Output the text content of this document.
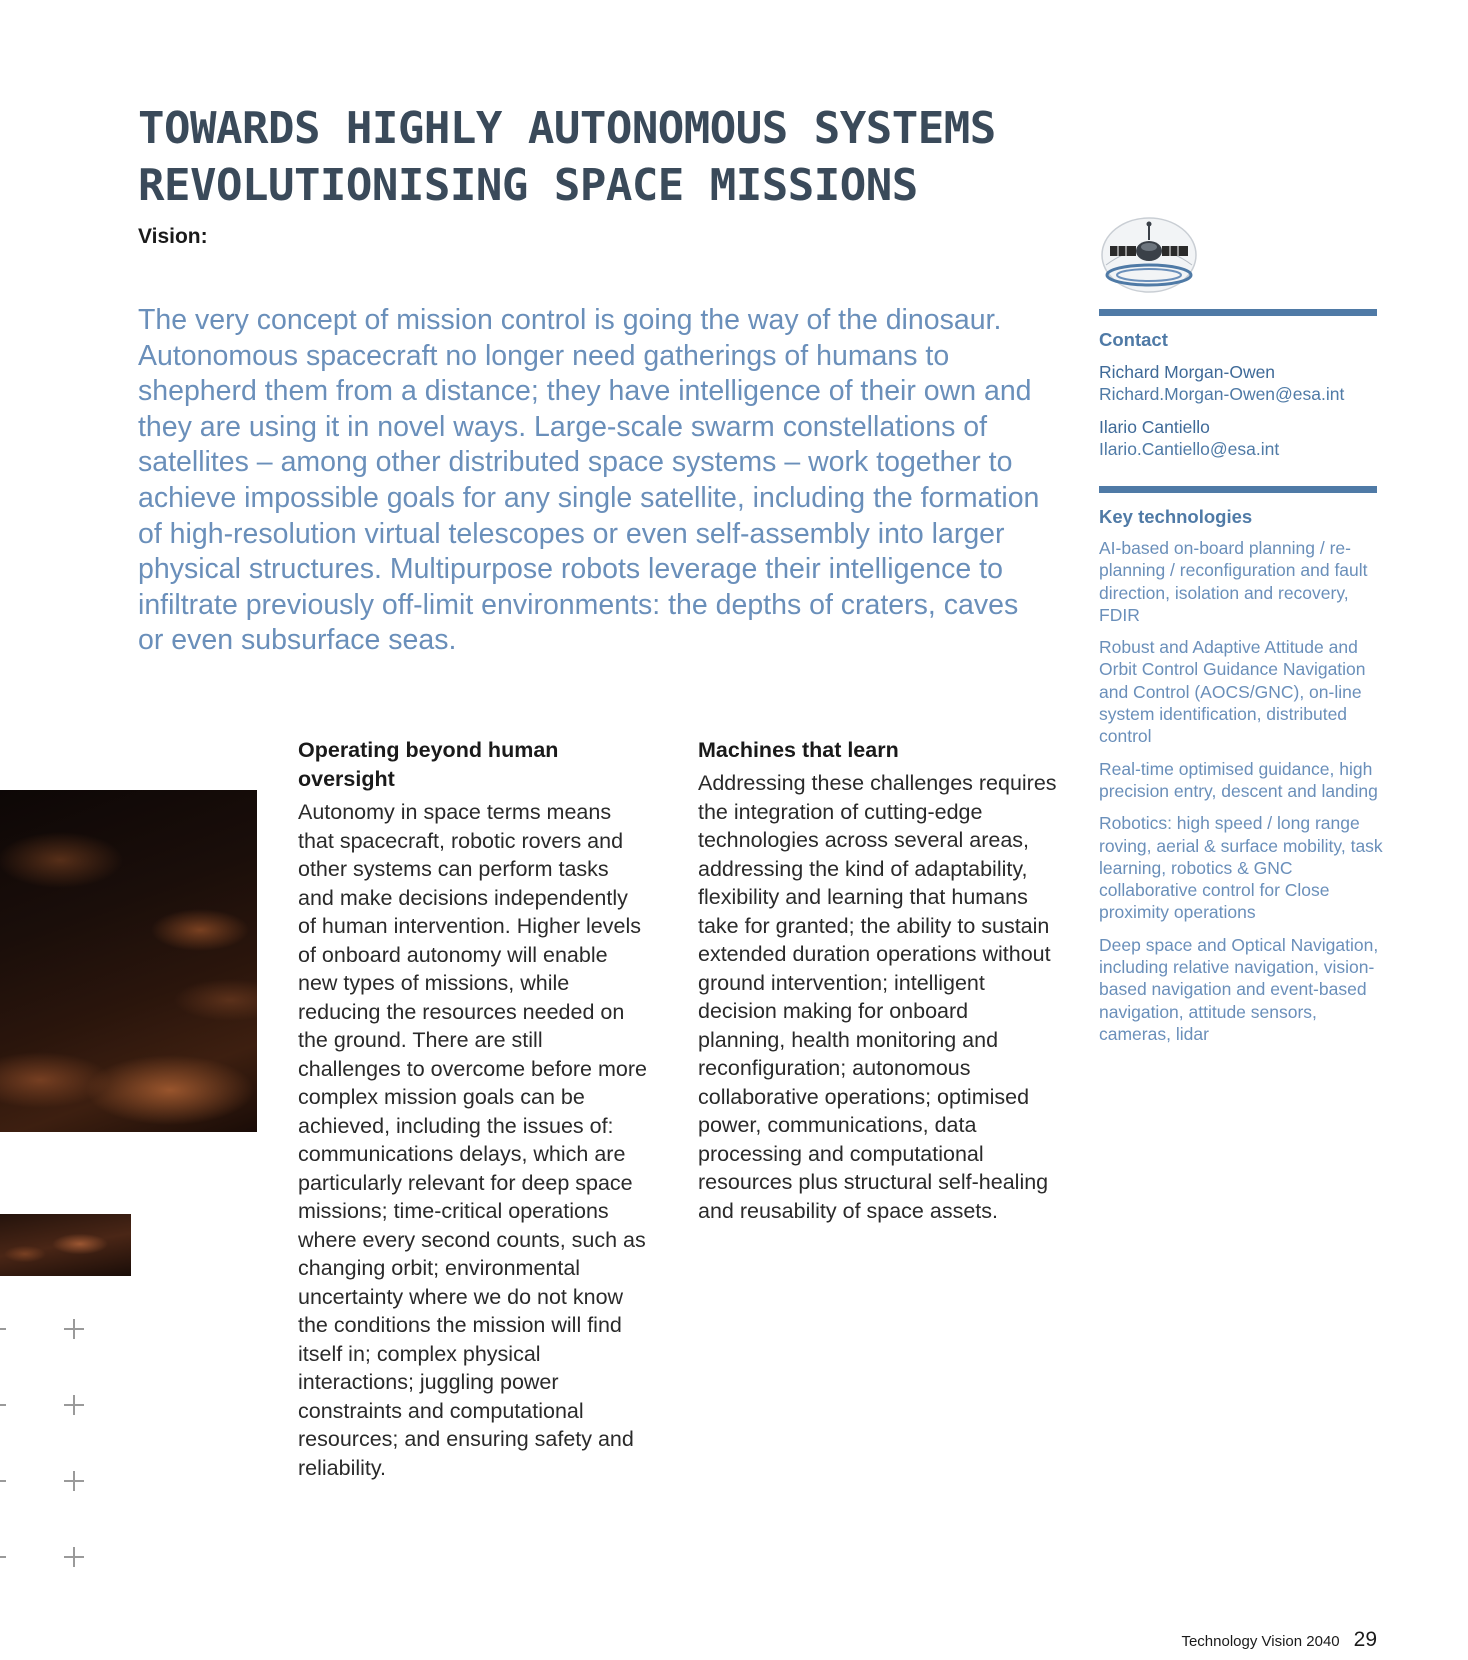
TOWARDS HIGHLY AUTONOMOUS SYSTEMS
REVOLUTIONISING SPACE MISSIONS
Vision:

The very concept of mission control is going the way of the dinosaur. Autonomous spacecraft no longer need gatherings of humans to shepherd them from a distance; they have intelligence of their own and they are using it in novel ways. Large-scale swarm constellations of satellites – among other distributed space systems – work together to achieve impossible goals for any single satellite, including the formation of high-resolution virtual telescopes or even self-assembly into larger physical structures. Multipurpose robots leverage their intelligence to infiltrate previously off-limit environments: the depths of craters, caves or even subsurface seas.

Operating beyond human oversight

Autonomy in space terms means that spacecraft, robotic rovers and other systems can perform tasks and make decisions independently of human intervention. Higher levels of onboard autonomy will enable new types of missions, while reducing the resources needed on the ground. There are still challenges to overcome before more complex mission goals can be achieved, including the issues of: communications delays, which are particularly relevant for deep space missions; time-critical operations where every second counts, such as changing orbit; environmental uncertainty where we do not know the conditions the mission will find itself in; complex physical interactions; juggling power constraints and computational resources; and ensuring safety and reliability.

Machines that learn

Addressing these challenges requires the integration of cutting-edge technologies across several areas, addressing the kind of adaptability, flexibility and learning that humans take for granted; the ability to sustain extended duration operations without ground intervention; intelligent decision making for onboard planning, health monitoring and reconfiguration; autonomous collaborative operations; optimised power, communications, data processing and computational resources plus structural self-healing and reusability of space assets.

Contact
Richard Morgan-Owen
Richard.Morgan-Owen@esa.int
Ilario Cantiello
Ilario.Cantiello@esa.int
Key technologies
AI-based on-board planning / re-planning / reconfiguration and fault direction, isolation and recovery, FDIR
Robust and Adaptive Attitude and Orbit Control Guidance Navigation and Control (AOCS/GNC), on-line system identification, distributed control
Real-time optimised guidance, high precision entry, descent and landing
Robotics: high speed / long range roving, aerial & surface mobility, task learning, robotics & GNC collaborative control for Close proximity operations
Deep space and Optical Navigation, including relative navigation, vision-based navigation and event-based navigation, attitude sensors, cameras, lidar
Technology Vision 2040 29
